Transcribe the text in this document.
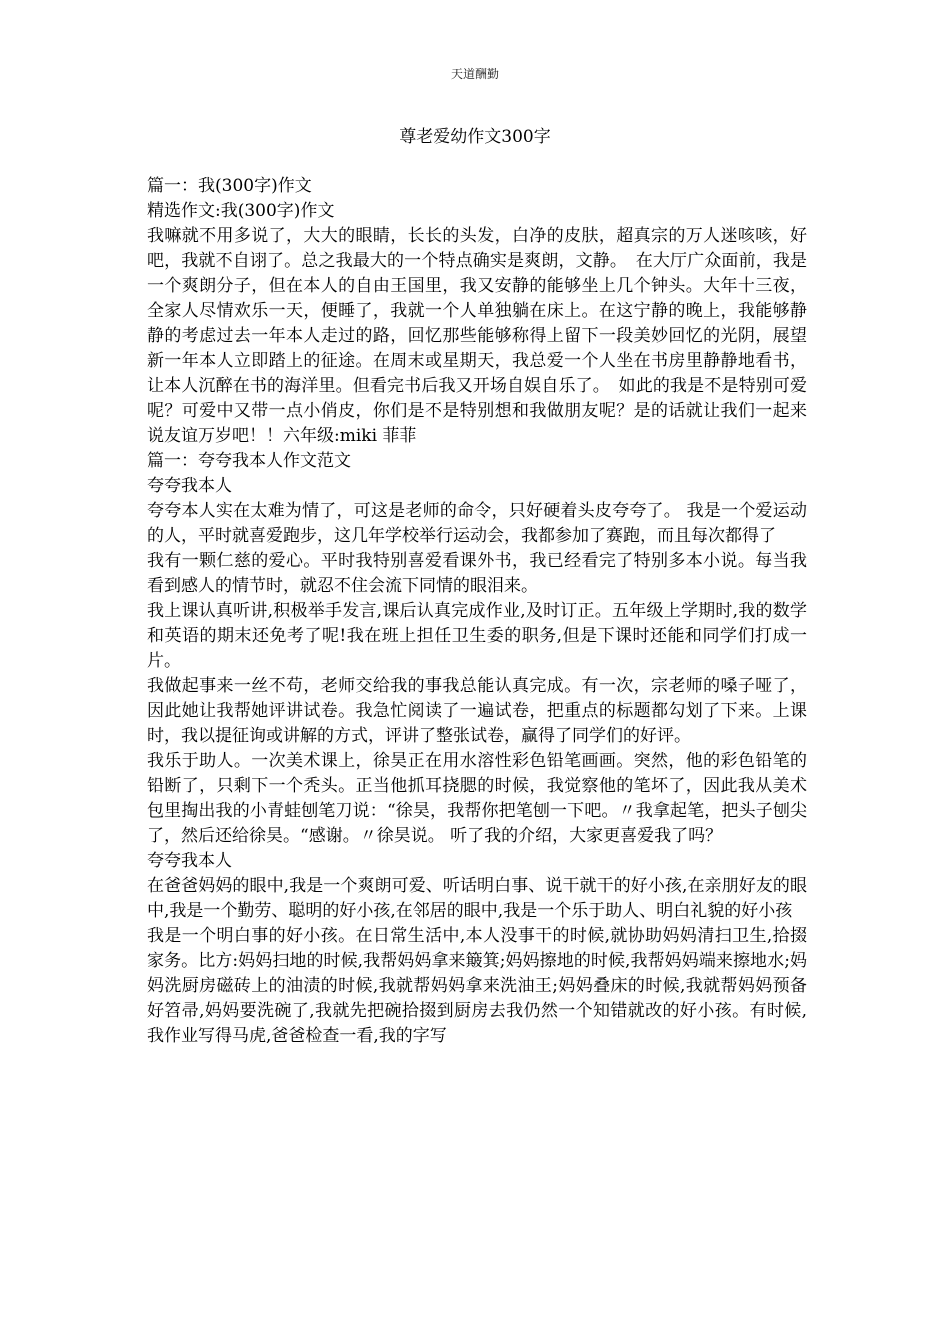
天道酬勤
尊老爱幼作文300字

篇一：我(300字)作文

精选作文:我(300字)作文

我嘛就不用多说了，大大的眼睛，长长的头发，白净的皮肤，超真宗的万人迷咳咳，好吧，我就不自诩了。总之我最大的一个特点确实是爽朗，文静。　在大厅广众面前，我是一个爽朗分子，但在本人的自由王国里，我又安静的能够坐上几个钟头。大年十三夜，全家人尽情欢乐一天，便睡了，我就一个人单独躺在床上。在这宁静的晚上，我能够静静的考虑过去一年本人走过的路，回忆那些能够称得上留下一段美妙回忆的光阴，展望新一年本人立即踏上的征途。在周末或星期天，我总爱一个人坐在书房里静静地看书，让本人沉醉在书的海洋里。但看完书后我又开场自娱自乐了。　如此的我是不是特别可爱呢？可爱中又带一点小俏皮，你们是不是特别想和我做朋友呢？是的话就让我们一起来说友谊万岁吧！！六年级:miki 菲菲

篇一：夸夸我本人作文范文

夸夸我本人

夸夸本人实在太难为情了，可这是老师的命令，只好硬着头皮夸夸了。 我是一个爱运动的人，平时就喜爱跑步，这几年学校举行运动会，我都参加了赛跑，而且每次都得了

我有一颗仁慈的爱心。平时我特别喜爱看课外书，我已经看完了特别多本小说。每当我看到感人的情节时，就忍不住会流下同情的眼泪来。

我上课认真听讲,积极举手发言,课后认真完成作业,及时订正。五年级上学期时,我的数学和英语的期末还免考了呢!我在班上担任卫生委的职务,但是下课时还能和同学们打成一片。

我做起事来一丝不苟，老师交给我的事我总能认真完成。有一次，宗老师的嗓子哑了，因此她让我帮她评讲试卷。我急忙阅读了一遍试卷，把重点的标题都勾划了下来。上课时，我以提征询或讲解的方式，评讲了整张试卷，赢得了同学们的好评。

我乐于助人。一次美术课上，徐昊正在用水溶性彩色铅笔画画。突然，他的彩色铅笔的铅断了，只剩下一个秃头。正当他抓耳挠腮的时候，我觉察他的笔坏了，因此我从美术包里掏出我的小青蛙刨笔刀说：“徐昊，我帮你把笔刨一下吧。〃我拿起笔，把头子刨尖了，然后还给徐昊。“感谢。〃徐昊说。 听了我的介绍，大家更喜爱我了吗？

夸夸我本人

在爸爸妈妈的眼中,我是一个爽朗可爱、听话明白事、说干就干的好小孩,在亲朋好友的眼中,我是一个勤劳、聪明的好小孩,在邻居的眼中,我是一个乐于助人、明白礼貌的好小孩

我是一个明白事的好小孩。在日常生活中,本人没事干的时候,就协助妈妈清扫卫生,拾掇家务。比方:妈妈扫地的时候,我帮妈妈拿来簸箕;妈妈擦地的时候,我帮妈妈端来擦地水;妈妈洗厨房磁砖上的油渍的时候,我就帮妈妈拿来洗油王;妈妈叠床的时候,我就帮妈妈预备好笤帚,妈妈要洗碗了,我就先把碗拾掇到厨房去我仍然一个知错就改的好小孩。有时候,我作业写得马虎,爸爸检查一看,我的字写
